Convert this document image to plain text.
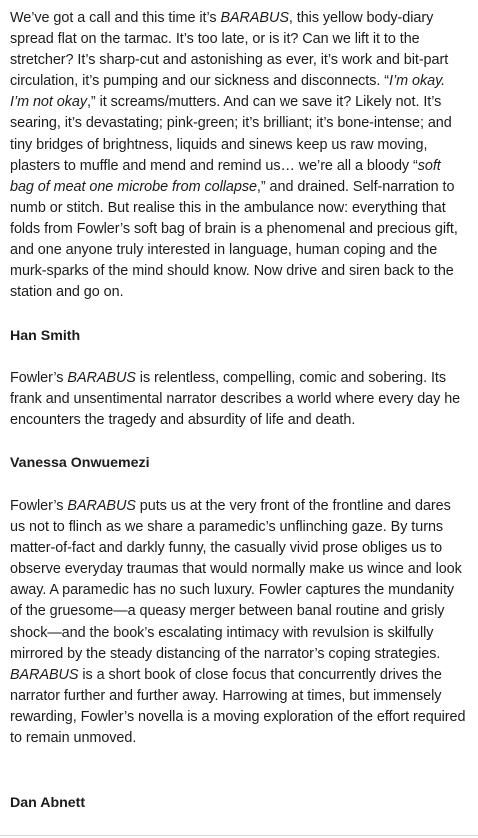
We’ve got a call and this time it’s BARABUS, this yellow body-diary spread flat on the tarmac. It’s too late, or is it? Can we lift it to the stretcher? It’s sharp-cut and astonishing as ever, it’s work and bit-part circulation, it’s pumping and our sickness and disconnects. “I’m okay. I’m not okay,” it screams/mutters. And can we save it? Likely not. It’s searing, it’s devastating; pink-green; it’s brilliant; it’s bone-intense; and tiny bridges of brightness, liquids and sinews keep us raw moving, plasters to muffle and mend and remind us… we’re all a bloody “soft bag of meat one microbe from collapse,” and drained. Self-narration to numb or stitch. But realise this in the ambulance now: everything that folds from Fowler’s soft bag of brain is a phenomenal and precious gift, and one anyone truly interested in language, human coping and the murk-sparks of the mind should know. Now drive and siren back to the station and go on.

Han Smith

Fowler’s BARABUS is relentless, compelling, comic and sobering. Its frank and unsentimental narrator describes a world where every day he encounters the tragedy and absurdity of life and death.

Vanessa Onwuemezi

Fowler’s BARABUS puts us at the very front of the frontline and dares us not to flinch as we share a paramedic’s unflinching gaze. By turns matter-of-fact and darkly funny, the casually vivid prose obliges us to observe everyday traumas that would normally make us wince and look away. A paramedic has no such luxury. Fowler captures the mundanity of the gruesome—a queasy merger between banal routine and grisly shock—and the book’s escalating intimacy with revulsion is skilfully mirrored by the steady distancing of the narrator’s coping strategies. BARABUS is a short book of close focus that concurrently drives the narrator further and further away. Harrowing at times, but immensely rewarding, Fowler’s novella is a moving exploration of the effort required to remain unmoved.

Dan Abnett
